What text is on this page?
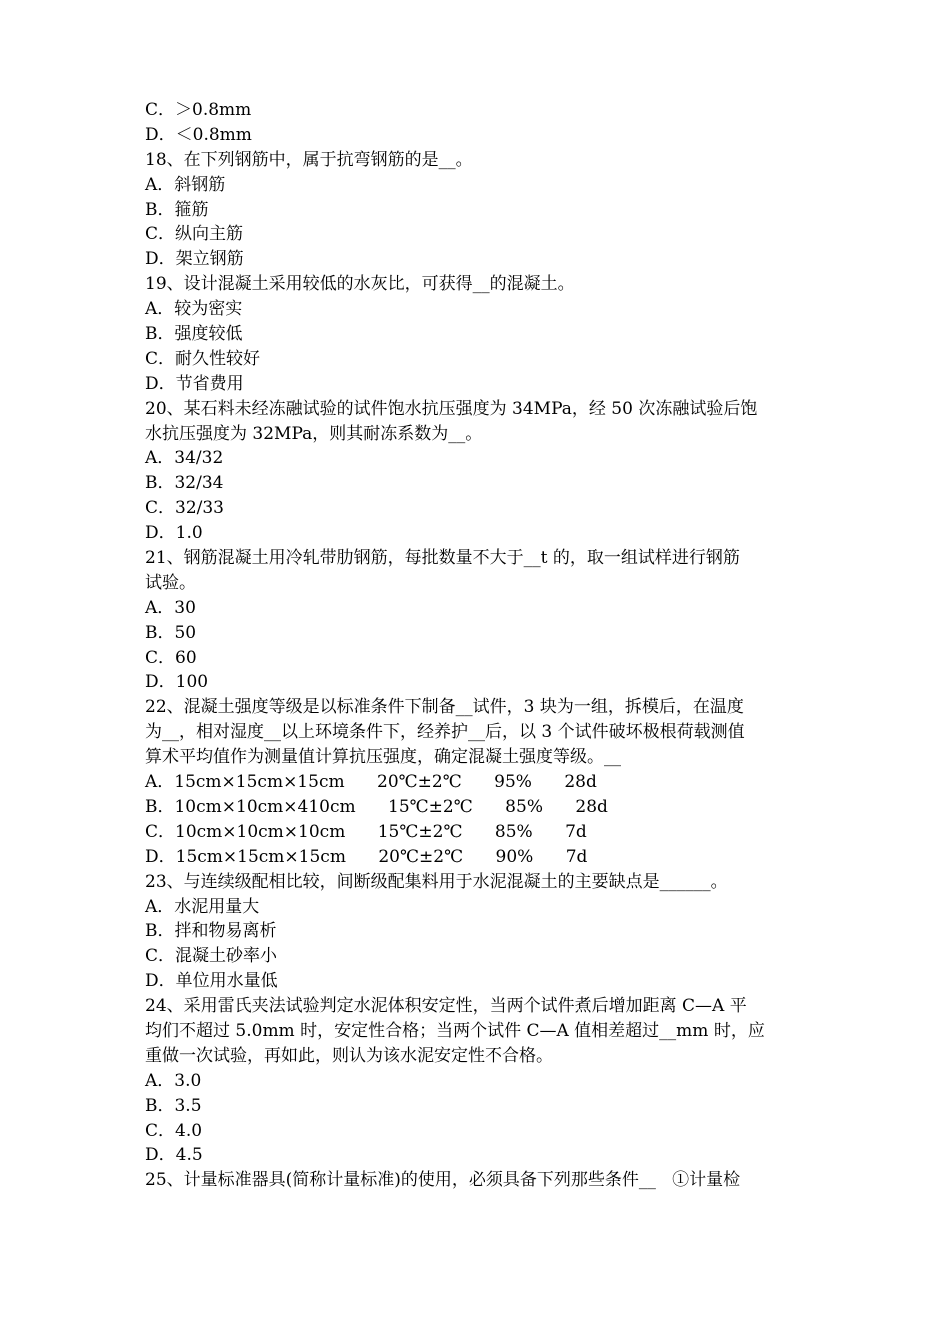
C．＞0.8mm
D．＜0.8mm
18、在下列钢筋中，属于抗弯钢筋的是__。
A．斜钢筋
B．箍筋
C．纵向主筋
D．架立钢筋
19、设计混凝土采用较低的水灰比，可获得__的混凝土。
A．较为密实
B．强度较低
C．耐久性较好
D．节省费用
20、某石料未经冻融试验的试件饱水抗压强度为 34MPa，经 50 次冻融试验后饱
水抗压强度为 32MPa，则其耐冻系数为__。
A．34/32
B．32/34
C．32/33
D．1.0
21、钢筋混凝土用冷轧带肋钢筋，每批数量不大于__t 的，取一组试样进行钢筋
试验。
A．30
B．50
C．60
D．100
22、混凝土强度等级是以标准条件下制备__试件，3 块为一组，拆模后，在温度
为__，相对湿度__以上环境条件下，经养护__后，以 3 个试件破坏极根荷载测值
算术平均值作为测量值计算抗压强度，确定混凝土强度等级。__
A．15cm×15cm×15cm      20℃±2℃      95%      28d
B．10cm×10cm×410cm      15℃±2℃      85%      28d
C．10cm×10cm×10cm      15℃±2℃      85%      7d
D．15cm×15cm×15cm      20℃±2℃      90%      7d
23、与连续级配相比较，间断级配集料用于水泥混凝土的主要缺点是______。
A．水泥用量大
B．拌和物易离析
C．混凝土砂率小
D．单位用水量低
24、采用雷氏夹法试验判定水泥体积安定性，当两个试件煮后增加距离 C—A 平
均们不超过 5.0mm 时，安定性合格；当两个试件 C—A 值相差超过__mm 时，应
重做一次试验，再如此，则认为该水泥安定性不合格。
A．3.0
B．3.5
C．4.0
D．4.5
25、计量标准器具(简称计量标准)的使用，必须具备下列那些条件__   ①计量检
